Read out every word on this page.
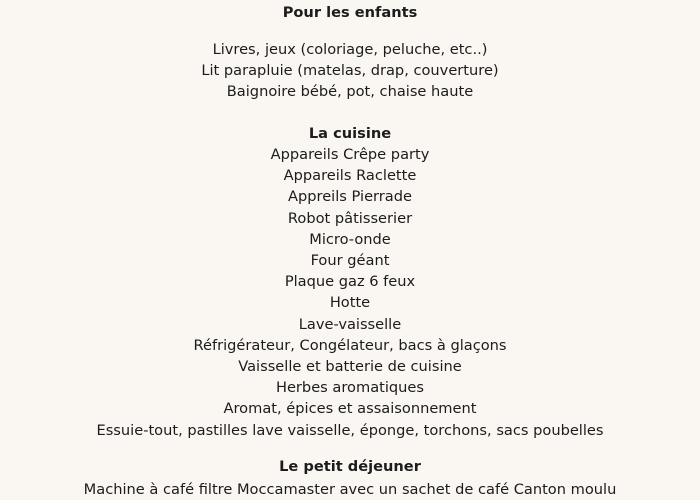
Pour les enfants
Livres, jeux (coloriage, peluche, etc..)
Lit parapluie (matelas, drap, couverture)
Baignoire bébé, pot, chaise haute
La cuisine
Appareils Crêpe party
Appareils Raclette
Appreils Pierrade
Robot pâtisserier
Micro-onde
Four géant
Plaque gaz 6 feux
Hotte
Lave-vaisselle
Réfrigérateur, Congélateur, bacs à glaçons
Vaisselle et batterie de cuisine
Herbes aromatiques
Aromat, épices et assaisonnement
Essuie-tout, pastilles lave vaisselle, éponge, torchons, sacs poubelles
Le petit déjeuner
Machine à café filtre Moccamaster avec un sachet de café Canton moulu
